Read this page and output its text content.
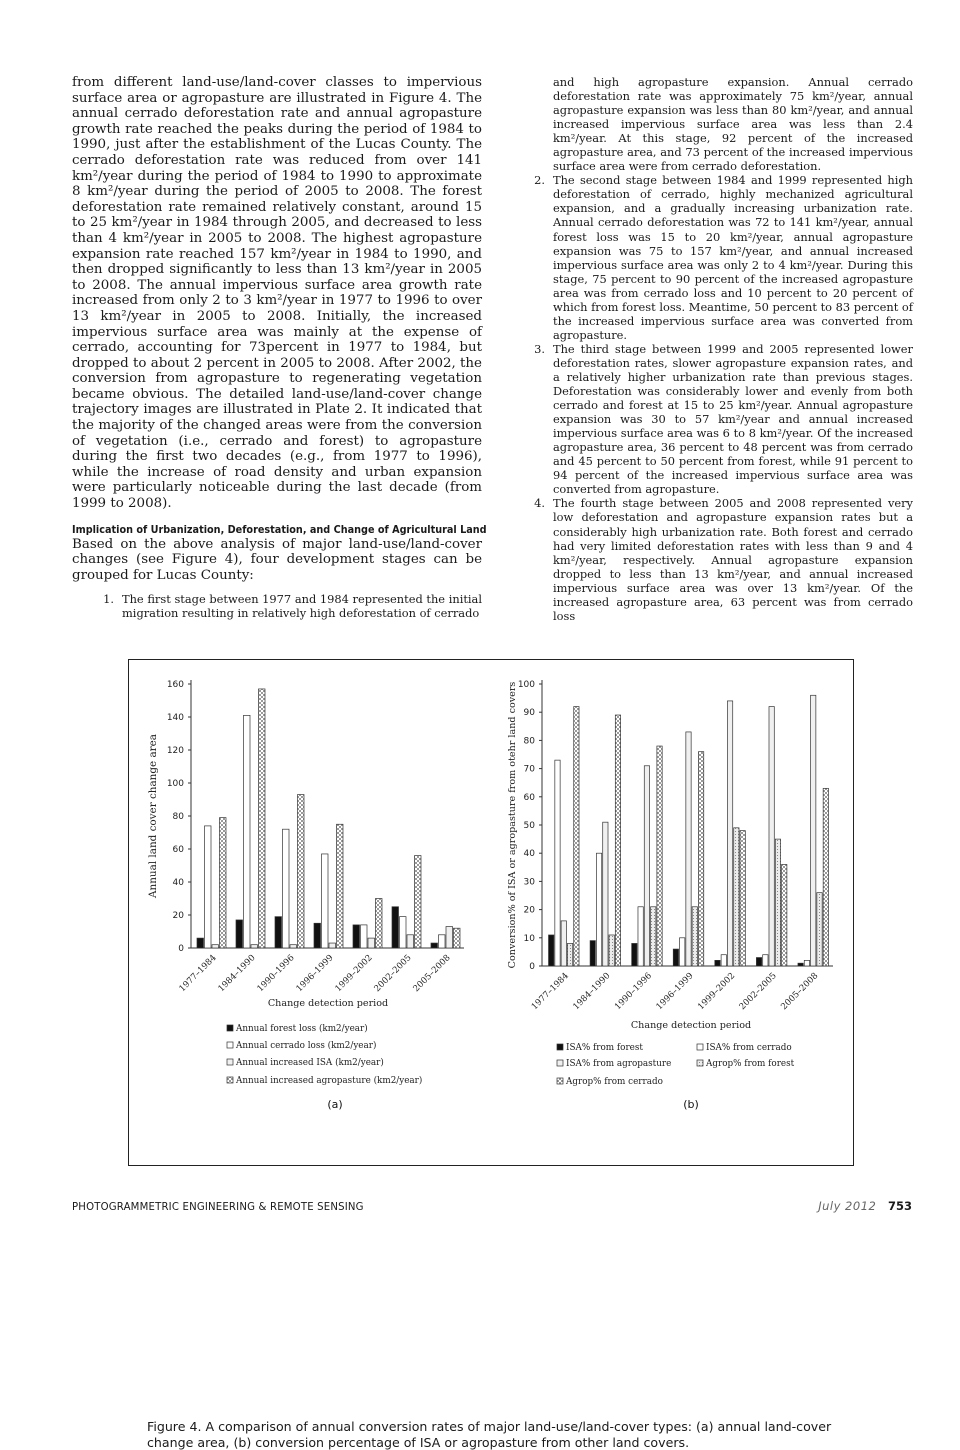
from different land-use/land-cover classes to impervious surface area or agropasture are illustrated in Figure 4. The annual cerrado deforestation rate and annual agropasture growth rate reached the peaks during the period of 1984 to 1990, just after the establishment of the Lucas County. The cerrado deforestation rate was reduced from over 141 km²/year during the period of 1984 to 1990 to approximate 8 km²/year during the period of 2005 to 2008. The forest deforestation rate remained relatively constant, around 15 to 25 km²/year in 1984 through 2005, and decreased to less than 4 km²/year in 2005 to 2008. The highest agropasture expansion rate reached 157 km²/year in 1984 to 1990, and then dropped significantly to less than 13 km²/year in 2005 to 2008. The annual impervious surface area growth rate increased from only 2 to 3 km²/year in 1977 to 1996 to over 13 km²/year in 2005 to 2008. Initially, the increased impervious surface area was mainly at the expense of cerrado, accounting for 73percent in 1977 to 1984, but dropped to about 2 percent in 2005 to 2008. After 2002, the conversion from agropasture to regenerating vegetation became obvious. The detailed land-use/land-cover change trajectory images are illustrated in Plate 2. It indicated that the majority of the changed areas were from the conversion of vegetation (i.e., cerrado and forest) to agropasture during the first two decades (e.g., from 1977 to 1996), while the increase of road density and urban expansion were particularly noticeable during the last decade (from 1999 to 2008).

Implication of Urbanization, Deforestation, and Change of Agricultural Land

Based on the above analysis of major land-use/land-cover changes (see Figure 4), four development stages can be grouped for Lucas County:

1. The first stage between 1977 and 1984 represented the initial migration resulting in relatively high deforestation of cerrado
and high agropasture expansion. Annual cerrado deforestation rate was approximately 75 km²/year, annual agropasture expansion was less than 80 km²/year, and annual increased impervious surface area was less than 2.4 km²/year. At this stage, 92 percent of the increased agropasture area, and 73 percent of the increased impervious surface area were from cerrado deforestation.
2. The second stage between 1984 and 1999 represented high deforestation of cerrado, highly mechanized agricultural expansion, and a gradually increasing urbanization rate. Annual cerrado deforestation was 72 to 141 km²/year, annual forest loss was 15 to 20 km²/year, annual agropasture expansion was 75 to 157 km²/year, and annual increased impervious surface area was only 2 to 4 km²/year. During this stage, 75 percent to 90 percent of the increased agropasture area was from cerrado loss and 10 percent to 20 percent of which from forest loss. Meantime, 50 percent to 83 percent of the increased impervious surface area was converted from agropasture.
3. The third stage between 1999 and 2005 represented lower deforestation rates, slower agropasture expansion rates, and a relatively higher urbanization rate than previous stages. Deforestation was considerably lower and evenly from both cerrado and forest at 15 to 25 km²/year. Annual agropasture expansion was 30 to 57 km²/year and annual increased impervious surface area was 6 to 8 km²/year. Of the increased agropasture area, 36 percent to 48 percent was from cerrado and 45 percent to 50 percent from forest, while 91 percent to 94 percent of the increased impervious surface area was converted from agropasture.
4. The fourth stage between 2005 and 2008 represented very low deforestation and agropasture expansion rates but a considerably high urbanization rate. Both forest and cerrado had very limited deforestation rates with less than 9 and 4 km²/year, respectively. Annual agropasture expansion dropped to less than 13 km²/year, and annual increased impervious surface area was over 13 km²/year. Of the increased agropasture area, 63 percent was from cerrado loss
0
20
40
60
80
100
120
140
160
Annual land cover change area
1977–1984
1984–1990
1990–1996
1996–1999
1999–2002
2002–2005
2005–2008
Change detection period
Annual forest loss (km2/year)
Annual cerrado loss (km2/year)
Annual increased ISA (km2/year)
Annual increased agropasture (km2/year)
(a)
0
10
20
30
40
50
60
70
80
90
100
Conversion% of ISA or agropasture from otehr land covers
1977–1984 1984–1990 1990–1996 1996–1999 1999–2002 2002–2005 2005–2008
Change detection period
ISA% from forest	ISA% from cerrado
ISA% from agropasture	Agrop% from forest
Agrop% from cerrado
(b)
Figure 4. A comparison of annual conversion rates of major land-use/land-cover types: (a) annual land-cover change area, (b) conversion percentage of ISA or agropasture from other land covers.
PHOTOGRAMMETRIC ENGINEERING & REMOTE SENSING	July 2012 753
